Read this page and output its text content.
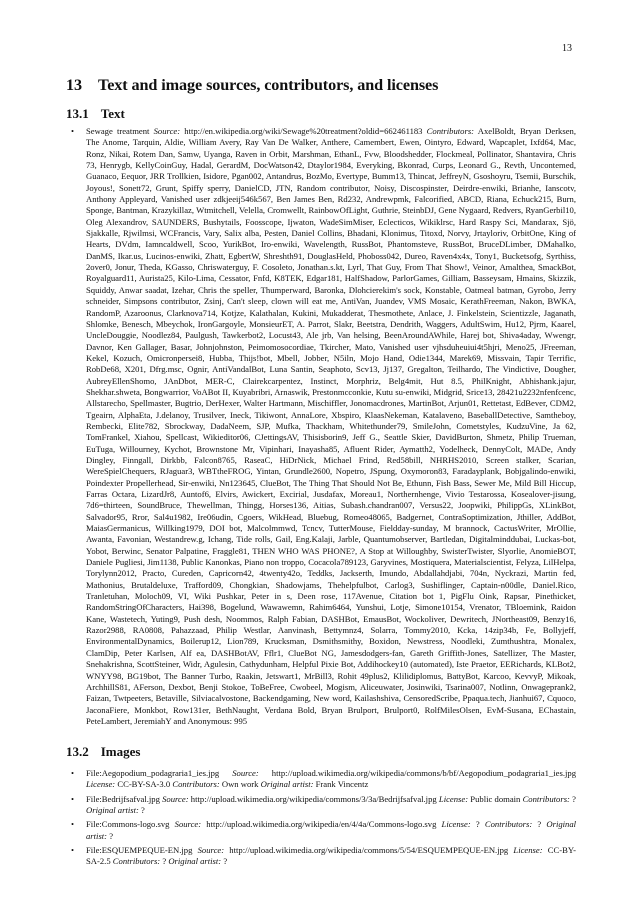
13
13 Text and image sources, contributors, and licenses
13.1 Text
• Sewage treatment Source: http://en.wikipedia.org/wiki/Sewage%20treatment?oldid=662461183 Contributors: AxelBoldt, Bryan Derksen, The Anome, Tarquin, Aldie, William Avery, Ray Van De Walker, Anthere, Camembert, Ewen, Ointyro, Edward, Wapcaplet, Ixfd64, Mac, Ronz, Nikai, Rotem Dan, Samw, Uyanga, Raven in Orbit, Marshman, EthanL, Fvw, Bloodshedder, Flockmeal, Pollinator, Shantavira, Chris 73, Henrygb, KellyCoinGuy, Hadal, GerardM, DocWatson42, Dtaylor1984, Everyking, Bkonrad, Curps, Leonard G., Revth, Uncontemed, Guanaco, Eequor, JRR Trollkien, Isidore, Pgan002, Antandrus, BozMo, Evertype, Bumm13, Thincat, JeffreyN, Gsoshoyru, Tsemii, Burschik, Joyous!, Sonett72, Grunt, Spiffy sperry, DanielCD, JTN, Random contributor, Noisy, Discospinster, Deirdre-enwiki, Brianhe, Ianscotv, Anthony Appleyard, Vanished user zdkjeeij546k567, Ben James Ben, Rd232, Andrewpmk, Falcorified, ABCD, Riana, Echuck215, Burn, Sponge, Bantman, Krazykillaz, Wtmitchell, Velella, Cromwellt, RainbowOfLight, Guthrie, SteinbDJ, Gene Nygaard, Redvers, RyanGerbil10, Oleg Alexandrov, SAUNDERS, Bushytails, Foosscope, Ijwaton, WadeSimMiser, Eclecticos, Wikiklrsc, Hard Raspy Sci, Mandarax, Sjö, Sjakkalle, Rjwilmsi, WCFrancis, Vary, Salix alba, Pesten, Daniel Collins, Bhadani, Klonimus, Titoxd, Norvy, Jrtayloriv, OrbitOne, King of Hearts, DVdm, Iamncaldwell, Scoo, YurikBot, Iro-enwiki, Wavelength, RussBot, Phantomsteve, RussBot, BruceDLimber, DMahalko, DanMS, Ikar.us, Lucinos-enwiki, Zhatt, EgbertW, Shreshth91, DouglasHeld, Phoboss042, Dureo, Raven4x4x, Tony1, Bucketsofg, Syrthiss, 2over0, Jonur, Theda, KGasso, Chriswaterguy, F. Cosoleto, Jonathan.s.kt, Lyrl, That Guy, From That Show!, Veinor, Amalthea, SmackBot, Royalguard11, Aurista25, Kilo-Lima, Cessator, Fnfd, K8TEK, Edgar181, HalfShadow, ParlorGames, Gilliam, Basseysam, Hmains, Skizzik, Squiddy, Anwar saadat, Izehar, Chris the speller, Thumperward, Baronka, Dlohcierekim's sock, Konstable, Oatmeal batman, Gyrobo, Jerry schneider, Simpsons contributor, Zsinj, Can't sleep, clown will eat me, AntiVan, Juandev, VMS Mosaic, KerathFreeman, Nakon, BWKA, RandomP, Azaroonus, Clarknova714, Kotjze, Kalathalan, Kukini, Mukadderat, Thesmothete, Anlace, J. Finkelstein, Scientizzle, Jaganath, Shlomke, Benesch, Mbeychok, IronGargoyle, MonsieurET, A. Parrot, Slakr, Beetstra, Dendrith, Waggers, AdultSwim, Hu12, Pjrm, Kaarel, UncleDouggie, Noodlez84, Paulgush, Tawkerbot2, Locust43, Ale jrb, Van helsing, BeenAroundAWhile, Harej bot, Shiva4aday, Wwengr, Davnor, Ken Gallager, Basar, Johnjohnston, Peimomosocordiae, Tkircher, Mato, Vanished user vjhsduheuiui4t5hjri, Meno25, JFreeman, Kekel, Kozuch, Omicronpersei8, Hubba, Thijs!bot, Mbell, Jobber, N5iln, Mojo Hand, Odie1344, Marek69, Missvain, Tapir Terrific, RobDe68, X201, Dfrg.msc, Ognir, AntiVandalBot, Luna Santin, Seaphoto, Scv13, Jj137, Gregalton, Teilhardo, The Vindictive, Dougher, AubreyEllenShomo, JAnDbot, MER-C, Clairekcarpentez, Instinct, Morphriz, Belg4mit, Hut 8.5, PhilKnight, Abhishank.jajur, Shekhar.shweta, Bongwarrior, VoABot II, Kuyabribri, Arnaswik, Prestonmcconkie, Kutu su-enwiki, Midgrid, Srice13, 28421u2232nfenfcenc, Allstarecho, Spellmaster, Bugtrio, DerHexer, Walter Hartmann, Mischiffler, Jonomacdrones, MartinBot, Arjun01, Rettetast, EdBever, CDM2, Tgeairn, AlphaEta, J.delanoy, Trusilver, Ineck, Tikiwont, AnnaLore, Xbspiro, KlaasNekeman, Katalaveno, BaseballDetective, Samtheboy, Rembecki, Elite782, Sbrockway, DadaNeem, SJP, Mufka, Thackham, Whitethunder79, SmileJohn, Cometstyles, KudzuVine, Ja 62, TomFrankel, Xiahou, Spellcast, Wikieditor06, CJettingsAV, Thisisborin9, Jeff G., Seattle Skier, DavidBurton, Shmetz, Philip Trueman, EuTuga, Willourney, Kychot, Brownstone Mr, Vipinhari, Inayasha85, Afluent Rider, Aymatth2, Yodelheck, DennyColt, MADe, Andy Dingley, Finngall, Dirkbb, Falcon8765, RaseaC, HiDrNick, Michael Frind, Red58bill, NHRHS2010, Screen stalker, Scarian, WereSpielChequers, RJaguar3, WBTtheFROG, Yintan, Grundle2600, Nopetro, JSpung, Oxymoron83, Faradayplank, Bobjgalindo-enwiki, Poindexter Propellerhead, Sir-enwiki, Nn123645, ClueBot, The Thing That Should Not Be, Ethunn, Fish Bass, Sewer Me, Mild Bill Hiccup, Farras Octara, LizardJr8, Auntof6, Elvirs, Awickert, Excirial, Jusdafax, Moreau1, Northernhenge, Vivio Testarossa, Kosealover-jisung, 7d6=thirteen, SoundBruce, Thewellman, Thingg, Horses136, Aitias, Subash.chandran007, Versus22, Joopwiki, PhilippGs, XLinkBot, Salvador95, Rror, Sal4u1982, Ire06udin, Cgoers, WikHead, Bluebug, Romeo48065, Badgernet, ContraSoptimization, Jthiller, AddBot, MaiasGermanicus, Willking1979, DOI bot, Malcolmmwd, Tcncv, TutterMouse, Fieldday-sunday, M brannock, CactusWriter, MrOllie, Awanta, Favonian, Westandrew.g, Ichang, Tide rolls, Gail, Eng.Kalaji, Jarble, Quantumobserver, Bartledan, Digitalminddubai, Luckas-bot, Yobot, Berwinc, Senator Palpatine, Fraggle81, THEN WHO WAS PHONE?, A Stop at Willoughby, SwisterTwister, Slyorlie, AnomieBOT, Daniele Pugliesi, Jim1138, Public Kanonkas, Piano non troppo, Cocacola789123, Garyvines, Mostiquera, Materialscientist, Felyza, LilHelpa, Torylynn2012, Practo, Cureden, Capricorn42, 4twenty42o, Teddks, Jackserth, Imundo, Abdallahdjabi, 704n, Nyckrazi, Martin fed, Mathonius, Brutaldeluxe, Trafford09, Chongkian, Shadowjams, Thehelpfulbot, Carlog3, Sushiflinger, Captain-n00dle, Daniel.Rico, Tranletuhan, Moloch09, VI, Wiki Pushkar, Peter in s, Deen rose, 117Avenue, Citation bot 1, PigFlu Oink, Rapsar, Pinethicket, RandomStringOfCharacters, Hai398, Bogelund, Wawawemn, Rahim6464, Yunshui, Lotje, Simone10154, Vrenator, TBloemink, Raidon Kane, Wastetech, Yuting9, Push desh, Noommos, Ralph Fabian, DASHBot, EmausBot, Wockoliver, Dewritech, JNortheast09, Benzy16, Razor2988, RA0808, Pahazzaad, Philip Westlar, Aanvinash, Bettymnz4, Solarra, Tommy2010, Kcka, 14zip34b, Fe, Bollyjeff, EnvironmentalDynamics, Boilerup12, Lion789, Krucksman, Dsmithsmithy, Boxidon, Newstress, Noodleki, Zumthushtra, Monalex, ClamDip, Peter Karlsen, Alf ea, DASHBotAV, Fflr1, ClueBot NG, Jamesdodgers-fan, Gareth Griffith-Jones, Satellizer, The Master, Snehakrishna, ScottSteiner, Widr, Agulesin, Cathydunham, Helpful Pixie Bot, Addihockey10 (automated), Iste Praetor, EERichards, KLBot2, WNYY98, BG19bot, The Banner Turbo, Raakin, Jetswart1, MrBill3, Rohit 49plus2, Klilidiplomus, BattyBot, Karcoo, KevvyP, Mikoak, ArchhillS81, AFerson, Dexbot, Benji Stokoe, ToBeFree, Cwobeel, Mogism, Aliceuwater, Josinwiki, Tsarina007, Notlinn, Onwageprank2, Faizan, Twtpeeters, Betaville, Silviacalvostone, Backendgaming, New word, Kailashshiva, CensoredScribe, Ppaqua.tech, Jianhui67, Cquoco, JaconaFiere, Monkbot, Row131er, BethNaught, Verdana Bold, Bryan Brulport, Brulport0, RolfMilesOlsen, EvM-Susana, EChastain, PeteLambert, JeremiahY and Anonymous: 995
13.2 Images
• File:Aegopodium_podagraria1_ies.jpg Source: http://upload.wikimedia.org/wikipedia/commons/b/bf/Aegopodium_podagraria1_ies.jpg License: CC-BY-SA-3.0 Contributors: Own work Original artist: Frank Vincentz
• File:Bedrijfsafval.jpg Source: http://upload.wikimedia.org/wikipedia/commons/3/3a/Bedrijfsafval.jpg License: Public domain Contributors: ? Original artist: ?
• File:Commons-logo.svg Source: http://upload.wikimedia.org/wikipedia/en/4/4a/Commons-logo.svg License: ? Contributors: ? Original artist: ?
• File:ESQUEMPEQUE-EN.jpg Source: http://upload.wikimedia.org/wikipedia/commons/5/54/ESQUEMPEQUE-EN.jpg License: CC-BY-SA-2.5 Contributors: ? Original artist: ?
